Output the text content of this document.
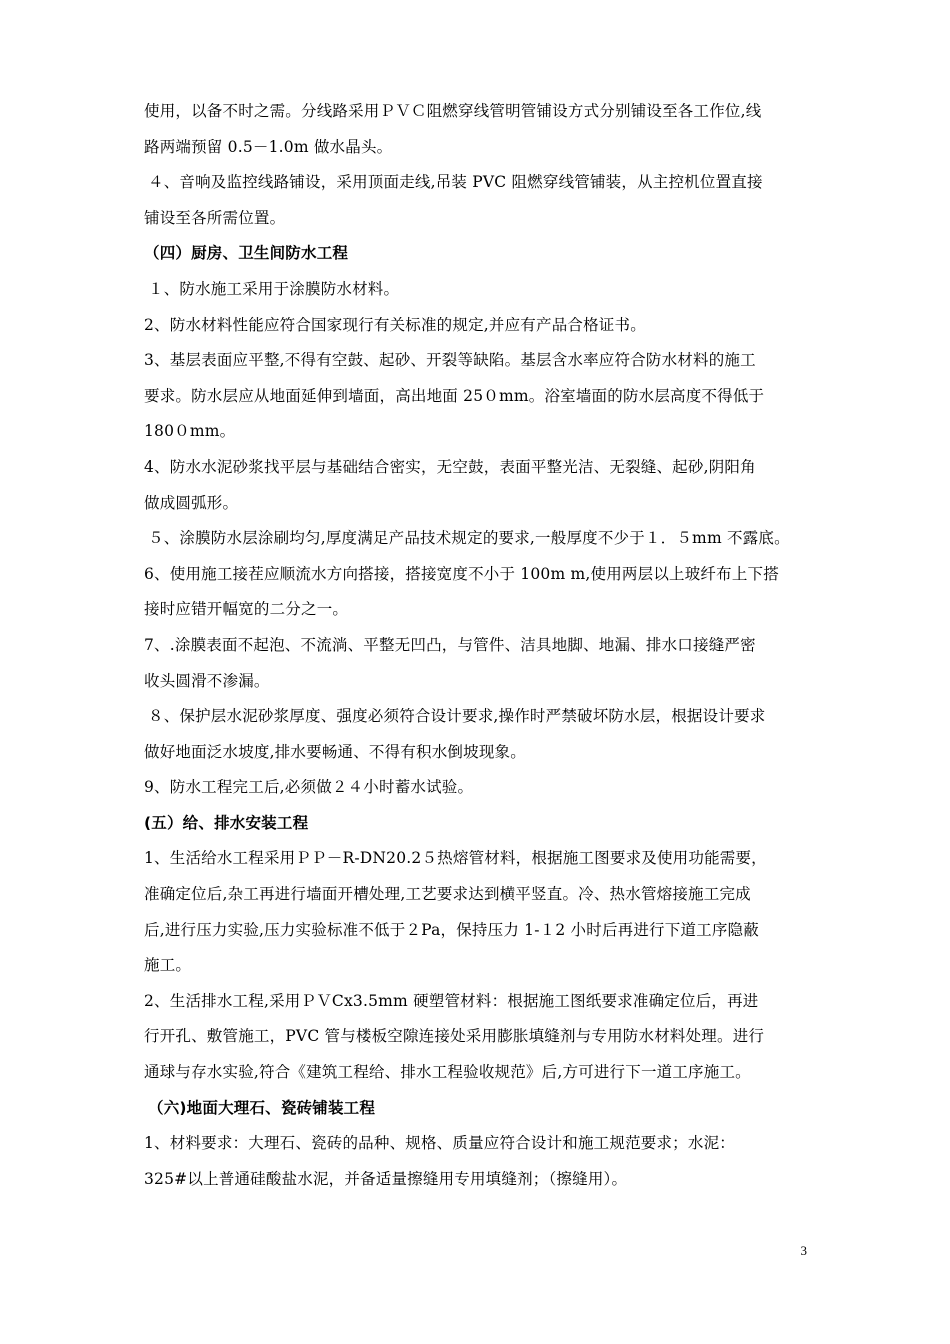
使用，以备不时之需。分线路采用ＰＶＣ阻燃穿线管明管铺设方式分别铺设至各工作位,线
路两端预留 0.5－1.0m 做水晶头。
４、音响及监控线路铺设，采用顶面走线,吊装 PVC 阻燃穿线管铺装，从主控机位置直接
铺设至各所需位置。
（四）厨房、卫生间防水工程
１、防水施工采用于涂膜防水材料。
2、防水材料性能应符合国家现行有关标准的规定,并应有产品合格证书。
3、基层表面应平整,不得有空鼓、起砂、开裂等缺陷。基层含水率应符合防水材料的施工
要求。防水层应从地面延伸到墙面，高出地面 25０mm。浴室墙面的防水层高度不得低于
180０mm。
4、防水水泥砂浆找平层与基础结合密实，无空鼓，表面平整光洁、无裂缝、起砂,阴阳角
做成圆弧形。
５、涂膜防水层涂刷均匀,厚度满足产品技术规定的要求,一般厚度不少于１．５mm 不露底。
6、使用施工接茬应顺流水方向搭接，搭接宽度不小于 100m m,使用两层以上玻纤布上下搭
接时应错开幅宽的二分之一。
7、.涂膜表面不起泡、不流淌、平整无凹凸，与管件、洁具地脚、地漏、排水口接缝严密
收头圆滑不渗漏。
８、保护层水泥砂浆厚度、强度必须符合设计要求,操作时严禁破坏防水层，根据设计要求
做好地面泛水坡度,排水要畅通、不得有积水倒坡现象。
9、防水工程完工后,必须做２４小时蓄水试验。
(五）给、排水安装工程
1、生活给水工程采用ＰＰ－R-DN20.2５热熔管材料，根据施工图要求及使用功能需要，
准确定位后,杂工再进行墙面开槽处理,工艺要求达到横平竖直。冷、热水管熔接施工完成
后,进行压力实验,压力实验标准不低于２Pa，保持压力 1-１2 小时后再进行下道工序隐蔽
施工。
2、生活排水工程,采用ＰＶCx3.5mm 硬塑管材料：根据施工图纸要求准确定位后，再进
行开孔、敷管施工，PVC 管与楼板空隙连接处采用膨胀填缝剂与专用防水材料处理。进行
通球与存水实验,符合《建筑工程给、排水工程验收规范》后,方可进行下一道工序施工。
（六)地面大理石、瓷砖铺装工程
1、材料要求：大理石、瓷砖的品种、规格、质量应符合设计和施工规范要求；水泥：
325#以上普通硅酸盐水泥，并备适量擦缝用专用填缝剂；（擦缝用）。
3
